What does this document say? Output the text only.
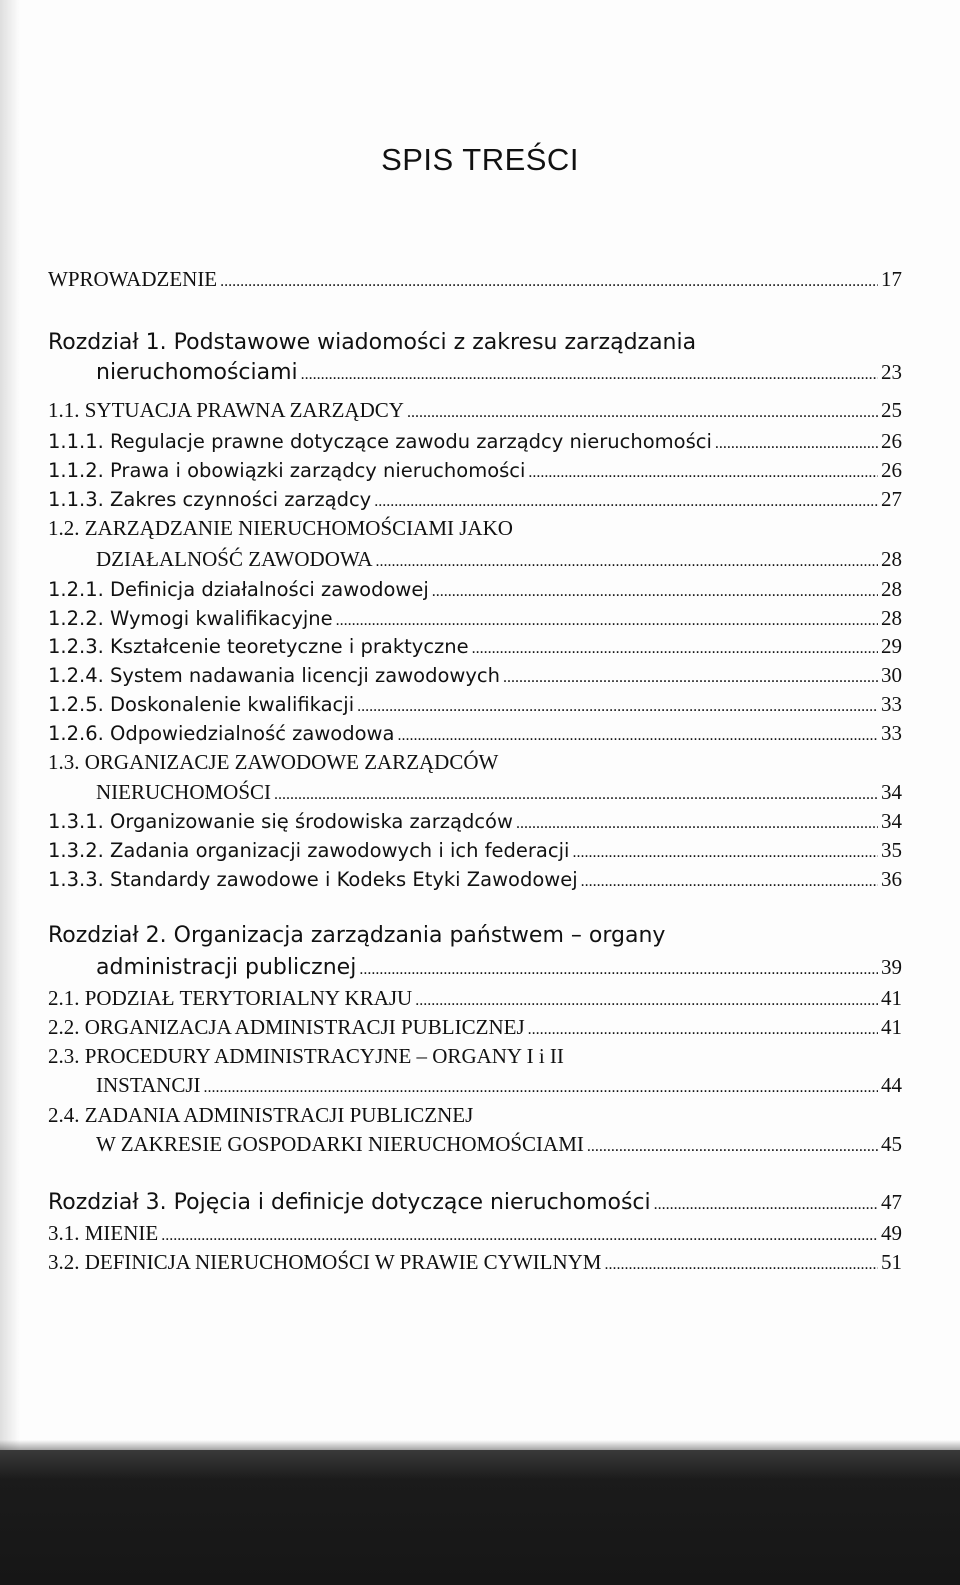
SPIS TREŚCI
WPROWADZENIE .....	17
Rozdział 1. Podstawowe wiadomości z zakresu zarządzania
nieruchomościami .....	23
1.1. SYTUACJA PRAWNA ZARZĄDCY .....	25
1.1.1. Regulacje prawne dotyczące zawodu zarządcy nieruchomości .....	26
1.1.2. Prawa i obowiązki zarządcy nieruchomości .....	26
1.1.3. Zakres czynności zarządcy .....	27
1.2. ZARZĄDZANIE NIERUCHOMOŚCIAMI JAKO
DZIAŁALNOŚĆ ZAWODOWA .....	28
1.2.1. Definicja działalności zawodowej .....	28
1.2.2. Wymogi kwalifikacyjne .....	28
1.2.3. Kształcenie teoretyczne i praktyczne .....	29
1.2.4. System nadawania licencji zawodowych .....	30
1.2.5. Doskonalenie kwalifikacji .....	33
1.2.6. Odpowiedzialność zawodowa .....	33
1.3. ORGANIZACJE ZAWODOWE ZARZĄDCÓW
NIERUCHOMOŚCI .....	34
1.3.1. Organizowanie się środowiska zarządców .....	34
1.3.2. Zadania organizacji zawodowych i ich federacji .....	35
1.3.3. Standardy zawodowe i Kodeks Etyki Zawodowej .....	36
Rozdział 2. Organizacja zarządzania państwem – organy
administracji publicznej .....	39
2.1. PODZIAŁ TERYTORIALNY KRAJU .....	41
2.2. ORGANIZACJA ADMINISTRACJI PUBLICZNEJ .....	41
2.3. PROCEDURY ADMINISTRACYJNE – ORGANY I i II
INSTANCJI .....	44
2.4. ZADANIA ADMINISTRACJI PUBLICZNEJ
W ZAKRESIE GOSPODARKI NIERUCHOMOŚCIAMI .....	45
Rozdział 3. Pojęcia i definicje dotyczące nieruchomości .....	47
3.1. MIENIE .....	49
3.2. DEFINICJA NIERUCHOMOŚCI W PRAWIE CYWILNYM .....	51
